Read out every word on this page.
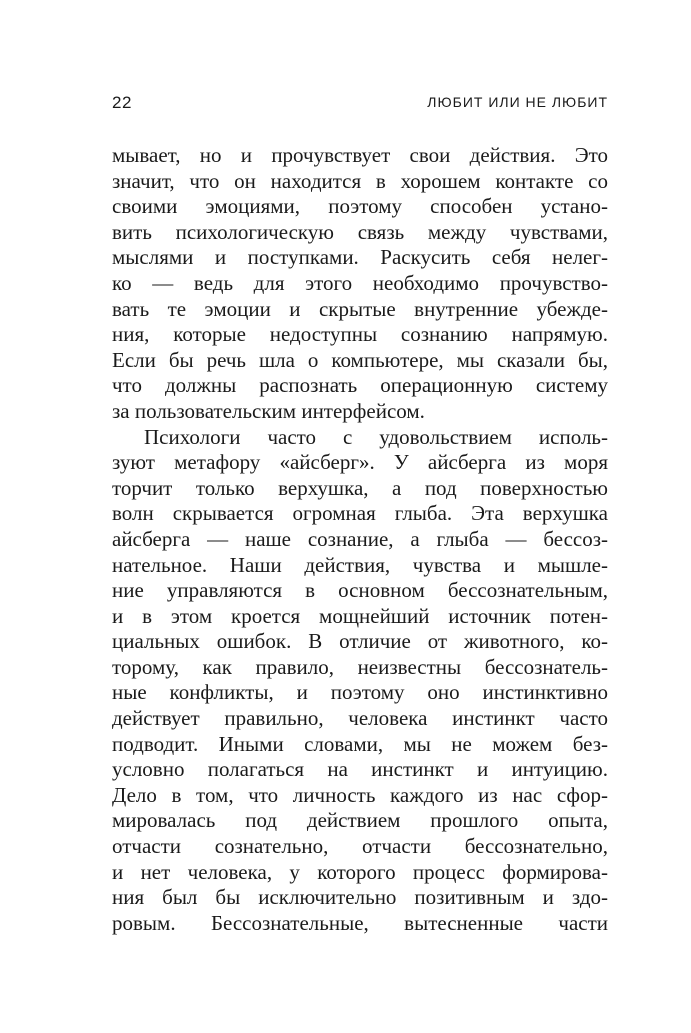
22	ЛЮБИТ ИЛИ НЕ ЛЮБИТ
мывает, но и прочувствует свои действия. Это
значит, что он находится в хорошем контакте со
своими эмоциями, поэтому способен устано-
вить психологическую связь между чувствами,
мыслями и поступками. Раскусить себя нелег-
ко — ведь для этого необходимо прочувство-
вать те эмоции и скрытые внутренние убежде-
ния, которые недоступны сознанию напрямую.
Если бы речь шла о компьютере, мы сказали бы,
что должны распознать операционную систему
за пользовательским интерфейсом.
Психологи часто с удовольствием исполь-
зуют метафору «айсберг». У айсберга из моря
торчит только верхушка, а под поверхностью
волн скрывается огромная глыба. Эта верхушка
айсберга — наше сознание, а глыба — бессоз-
нательное. Наши действия, чувства и мышле-
ние управляются в основном бессознательным,
и в этом кроется мощнейший источник потен-
циальных ошибок. В отличие от животного, ко-
торому, как правило, неизвестны бессознатель-
ные конфликты, и поэтому оно инстинктивно
действует правильно, человека инстинкт часто
подводит. Иными словами, мы не можем без-
условно полагаться на инстинкт и интуицию.
Дело в том, что личность каждого из нас сфор-
мировалась под действием прошлого опыта,
отчасти сознательно, отчасти бессознательно,
и нет человека, у которого процесс формирова-
ния был бы исключительно позитивным и здо-
ровым. Бессознательные, вытесненные части
